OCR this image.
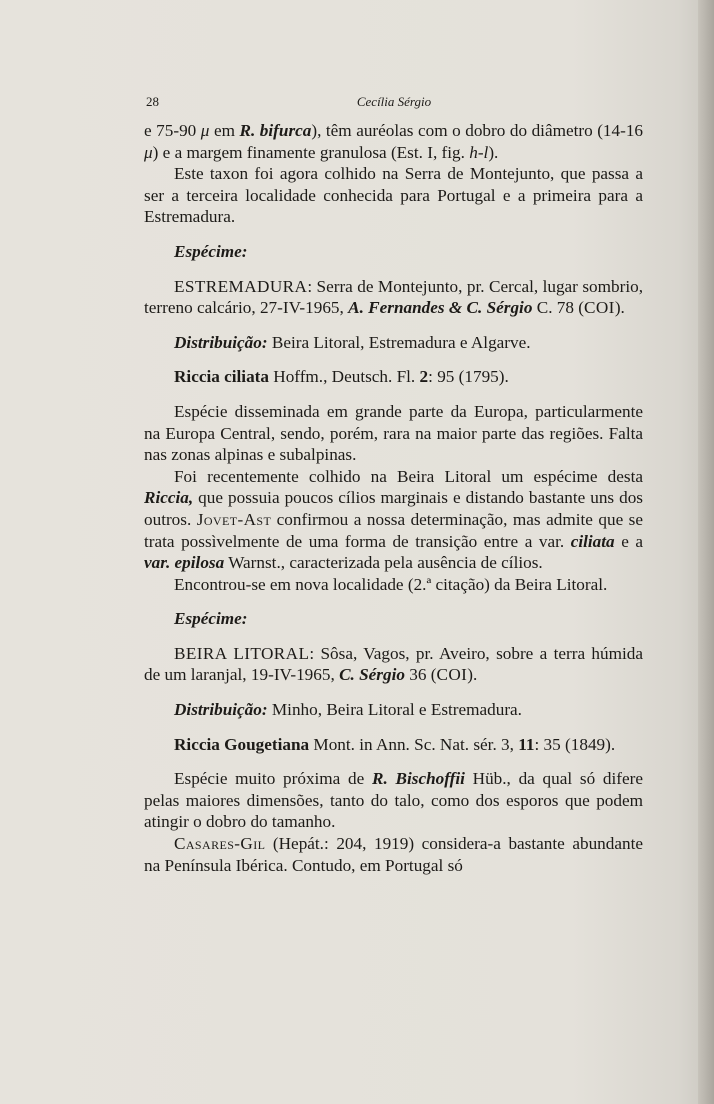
28	Cecília Sérgio

e 75-90 μ em R. bifurca), têm auréolas com o dobro do diâmetro (14-16 μ) e a margem finamente granulosa (Est. I, fig. h-l).

Este taxon foi agora colhido na Serra de Montejunto, que passa a ser a terceira localidade conhecida para Portugal e a primeira para a Estremadura.

Espécime:

ESTREMADURA: Serra de Montejunto, pr. Cercal, lugar sombrio, terreno calcário, 27-IV-1965, A. Fernandes & C. Sérgio C. 78 (COI).

Distribuição: Beira Litoral, Estremadura e Algarve.

Riccia ciliata Hoffm., Deutsch. Fl. 2: 95 (1795).

Espécie disseminada em grande parte da Europa, particularmente na Europa Central, sendo, porém, rara na maior parte das regiões. Falta nas zonas alpinas e subalpinas.

Foi recentemente colhido na Beira Litoral um espécime desta Riccia, que possuia poucos cílios marginais e distando bastante uns dos outros. Jovet-Ast confirmou a nossa determinação, mas admite que se trata possìvelmente de uma forma de transição entre a var. ciliata e a var. epilosa Warnst., caracterizada pela ausência de cílios.

Encontrou-se em nova localidade (2.ª citação) da Beira Litoral.

Espécime:

BEIRA LITORAL: Sôsa, Vagos, pr. Aveiro, sobre a terra húmida de um laranjal, 19-IV-1965, C. Sérgio 36 (COI).

Distribuição: Minho, Beira Litoral e Estremadura.

Riccia Gougetiana Mont. in Ann. Sc. Nat. sér. 3, 11: 35 (1849).

Espécie muito próxima de R. Bischoffii Hüb., da qual só difere pelas maiores dimensões, tanto do talo, como dos esporos que podem atingir o dobro do tamanho.

Casares-Gil (Hepát.: 204, 1919) considera-a bastante abundante na Península Ibérica. Contudo, em Portugal só
